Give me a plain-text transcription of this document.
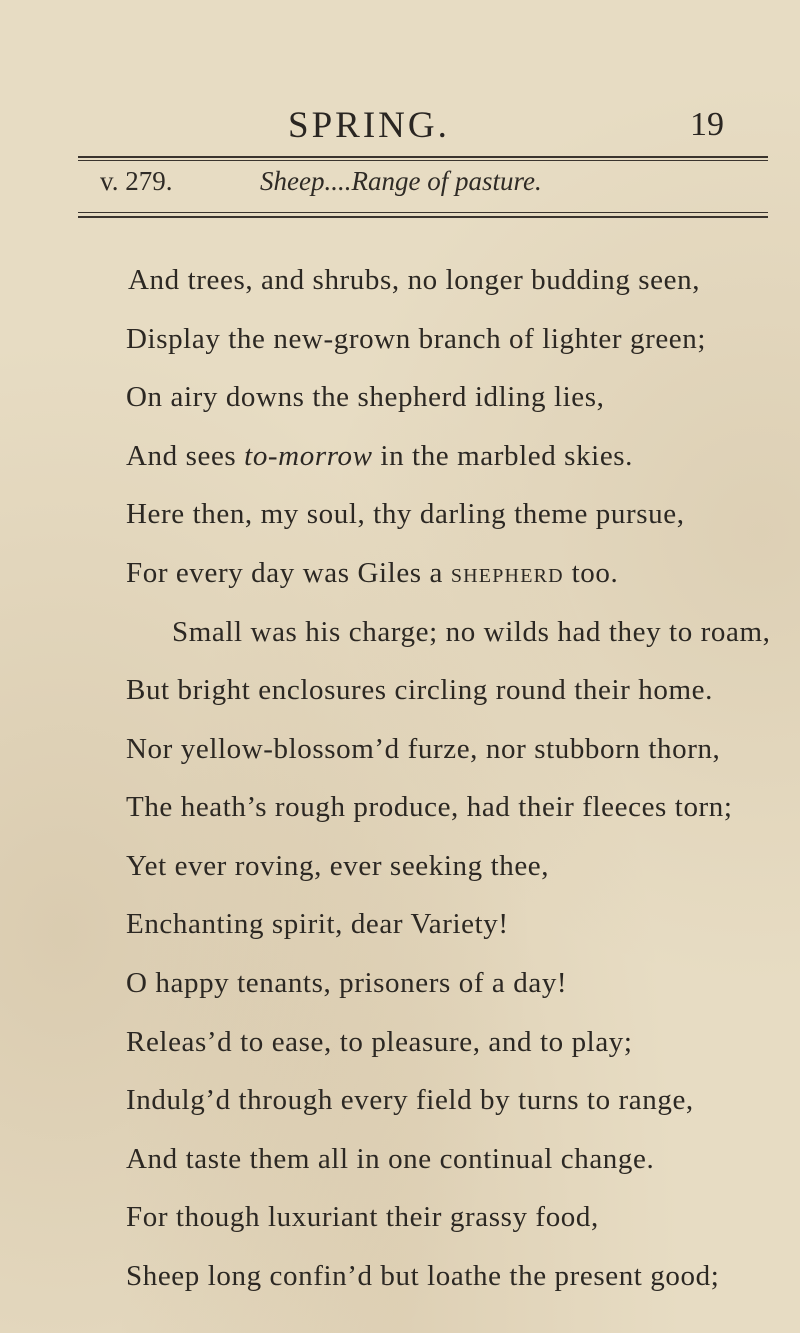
SPRING.	19
v. 279.	Sheep....Range of pasture.
And trees, and shrubs, no longer budding seen,
Display the new-grown branch of lighter green;
On airy downs the shepherd idling lies,
And sees to-morrow in the marbled skies.
Here then, my soul, thy darling theme pursue,
For every day was Giles a shepherd too.
Small was his charge; no wilds had they to roam,
But bright enclosures circling round their home.
Nor yellow-blossom’d furze, nor stubborn thorn,
The heath’s rough produce, had their fleeces torn;
Yet ever roving, ever seeking thee,
Enchanting spirit, dear Variety!
O happy tenants, prisoners of a day!
Releas’d to ease, to pleasure, and to play;
Indulg’d through every field by turns to range,
And taste them all in one continual change.
For though luxuriant their grassy food,
Sheep long confin’d but loathe the present good;
